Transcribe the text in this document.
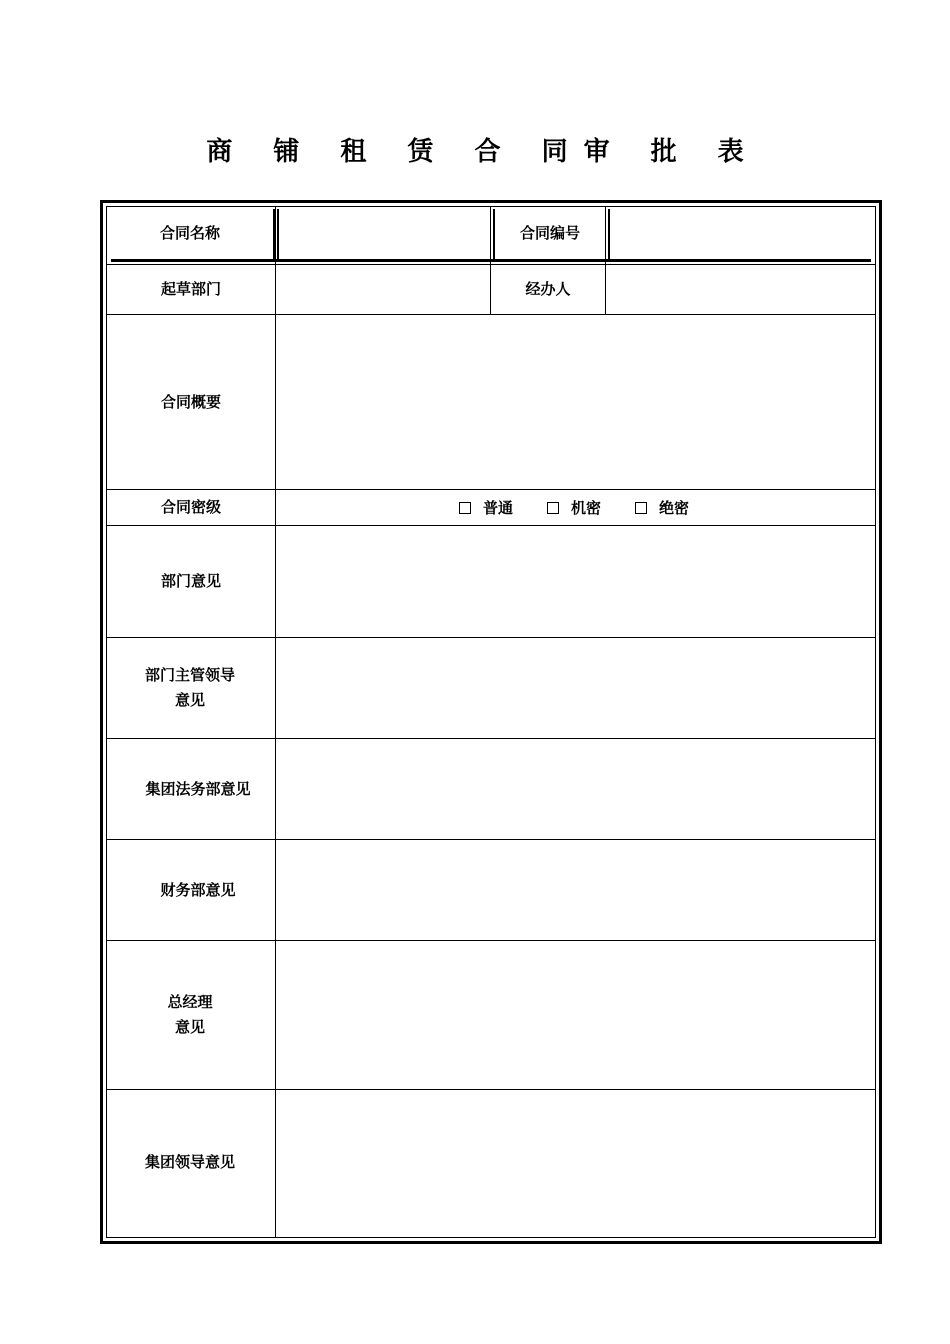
商 铺 租 赁 合 同审 批 表
合同名称	合同编号
起草部门	经办人
合同概要
合同密级	普通	机密	绝密
部门意见
部门主管领导
意见
集团法务部意见
财务部意见
总经理
意见
集团领导意见
